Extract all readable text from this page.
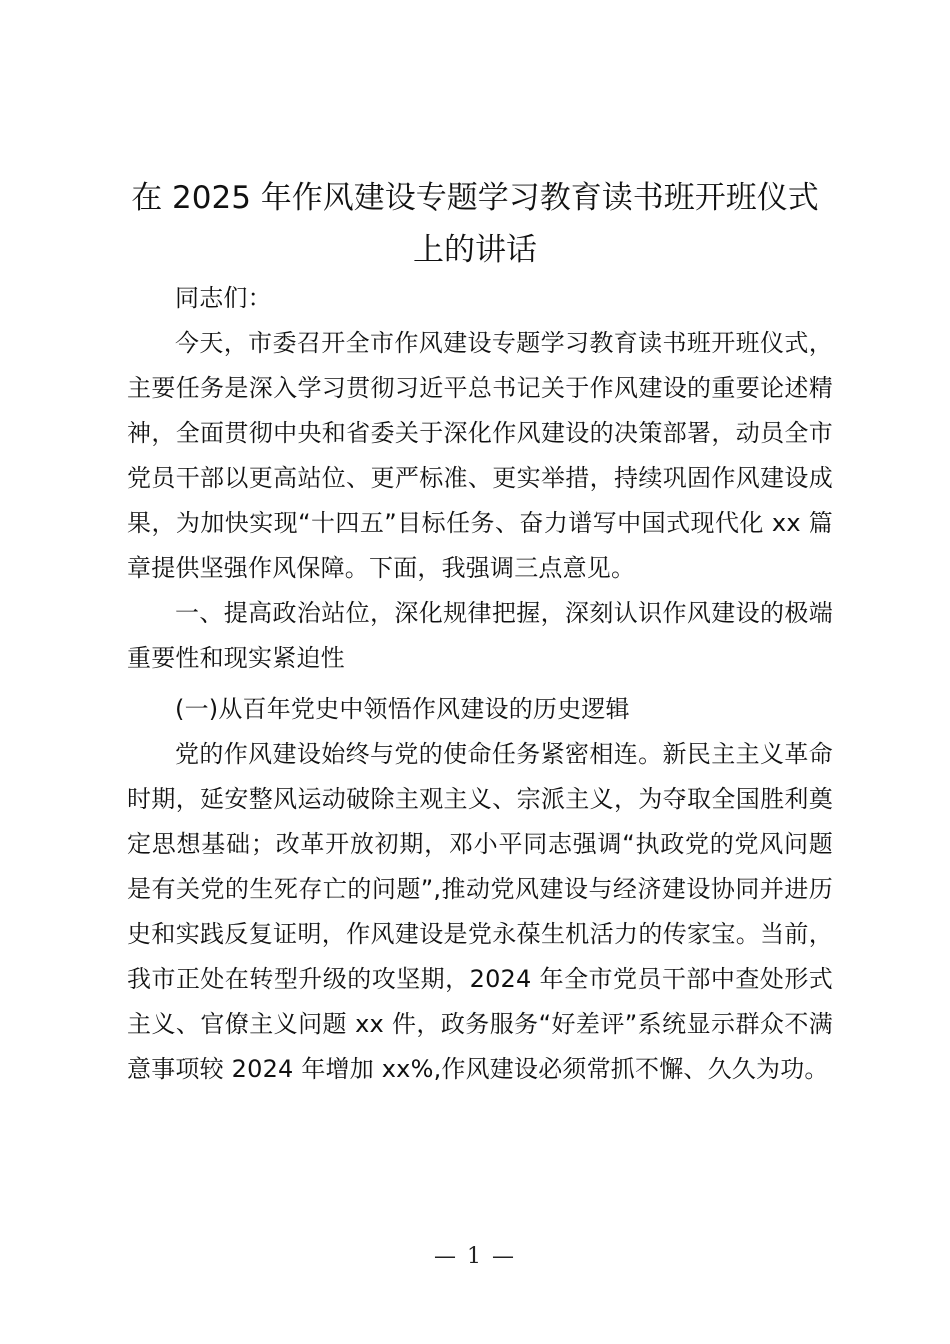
在 2025 年作风建设专题学习教育读书班开班仪式上的讲话

同志们：

今天，市委召开全市作风建设专题学习教育读书班开班仪式，主要任务是深入学习贯彻习近平总书记关于作风建设的重要论述精神，全面贯彻中央和省委关于深化作风建设的决策部署，动员全市党员干部以更高站位、更严标准、更实举措，持续巩固作风建设成果，为加快实现“十四五”目标任务、奋力谱写中国式现代化 xx 篇章提供坚强作风保障。下面，我强调三点意见。

一、提高政治站位，深化规律把握，深刻认识作风建设的极端重要性和现实紧迫性

(一)从百年党史中领悟作风建设的历史逻辑

党的作风建设始终与党的使命任务紧密相连。新民主主义革命时期，延安整风运动破除主观主义、宗派主义，为夺取全国胜利奠定思想基础；改革开放初期，邓小平同志强调“执政党的党风问题是有关党的生死存亡的问题”,推动党风建设与经济建设协同并进历史和实践反复证明，作风建设是党永葆生机活力的传家宝。当前，我市正处在转型升级的攻坚期，2024 年全市党员干部中查处形式主义、官僚主义问题 xx 件，政务服务“好差评”系统显示群众不满意事项较 2024 年增加 xx%,作风建设必须常抓不懈、久久为功。

— 1 —
